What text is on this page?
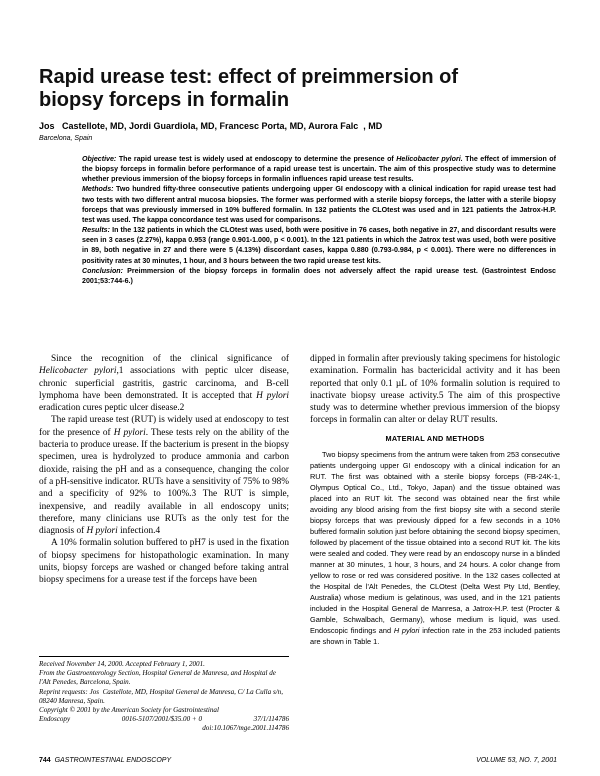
Rapid urease test: effect of preimmersion of biopsy forceps in formalin
Jos   Castellote, MD, Jordi Guardiola, MD, Francesc Porta, MD, Aurora Falc  , MD
Barcelona, Spain
Objective: The rapid urease test is widely used at endoscopy to determine the presence of Helicobacter pylori. The effect of immersion of the biopsy forceps in formalin before performance of a rapid urease test is uncertain. The aim of this prospective study was to determine whether previous immersion of the biopsy forceps in formalin influences rapid urease test results.
Methods: Two hundred fifty-three consecutive patients undergoing upper GI endoscopy with a clinical indication for rapid urease test had two tests with two different antral mucosa biopsies. The former was performed with a sterile biopsy forceps, the latter with a sterile biopsy forceps that was previously immersed in 10% buffered formalin. In 132 patients the CLOtest was used and in 121 patients the Jatrox-H.P. test was used. The kappa concordance test was used for comparisons.
Results: In the 132 patients in which the CLOtest was used, both were positive in 76 cases, both negative in 27, and discordant results were seen in 3 cases (2.27%), kappa 0.953 (range 0.901-1.000, p < 0.001). In the 121 patients in which the Jatrox test was used, both were positive in 89, both negative in 27 and there were 5 (4.13%) discordant cases, kappa 0.880 (0.793-0.984, p < 0.001). There were no differences in positivity rates at 30 minutes, 1 hour, and 3 hours between the two rapid urease test kits.
Conclusion: Preimmersion of the biopsy forceps in formalin does not adversely affect the rapid urease test. (Gastrointest Endosc 2001;53:744-6.)

Since the recognition of the clinical significance of Helicobacter pylori,1 associations with peptic ulcer disease, chronic superficial gastritis, gastric carcinoma, and B-cell lymphoma have been demonstrated. It is accepted that H pylori eradication cures peptic ulcer disease.2

The rapid urease test (RUT) is widely used at endoscopy to test for the presence of H pylori. These tests rely on the ability of the bacteria to produce urease. If the bacterium is present in the biopsy specimen, urea is hydrolyzed to produce ammonia and carbon dioxide, raising the pH and as a consequence, changing the color of a pH-sensitive indicator. RUTs have a sensitivity of 75% to 98% and a specificity of 92% to 100%.3 The RUT is simple, inexpensive, and readily available in all endoscopy units; therefore, many clinicians use RUTs as the only test for the diagnosis of H pylori infection.4

A 10% formalin solution buffered to pH7 is used in the fixation of biopsy specimens for histopathologic examination. In many units, biopsy forceps are washed or changed before taking antral biopsy specimens for a urease test if the forceps have been

dipped in formalin after previously taking specimens for histologic examination. Formalin has bactericidal activity and it has been reported that only 0.1 µL of 10% formalin solution is required to inactivate biopsy urease activity.5 The aim of this prospective study was to determine whether previous immersion of the biopsy forceps in formalin can alter or delay RUT results.

MATERIAL AND METHODS

Two biopsy specimens from the antrum were taken from 253 consecutive patients undergoing upper GI endoscopy with a clinical indication for an RUT. The first was obtained with a sterile biopsy forceps (FB-24K-1, Olympus Optical Co., Ltd., Tokyo, Japan) and the tissue obtained was placed into an RUT kit. The second was obtained near the first while avoiding any blood arising from the first biopsy site with a second sterile biopsy forceps that was previously dipped for a few seconds in a 10% buffered formalin solution just before obtaining the second biopsy specimen, followed by placement of the tissue obtained into a second RUT kit. The kits were sealed and coded. They were read by an endoscopy nurse in a blinded manner at 30 minutes, 1 hour, 3 hours, and 24 hours. A color change from yellow to rose or red was considered positive. In the 132 cases collected at the Hospital de l'Alt Penedes, the CLOtest (Delta West Pty Ltd, Bentley, Australia) whose medium is gelatinous, was used, and in the 121 patients included in the Hospital General de Manresa, a Jatrox-H.P. test (Procter & Gamble, Schwalbach, Germany), whose medium is liquid, was used. Endoscopic findings and H pylori infection rate in the 253 included patients are shown in Table 1.

Received November 14, 2000. Accepted February 1, 2001.
From the Gastroenterology Section, Hospital General de Manresa, and Hospital de l'Alt Penedes, Barcelona, Spain.
Reprint requests: Jos  Castellote, MD, Hospital General de Manresa, C/ La Culla s/n, 08240 Manresa, Spain.
Copyright © 2001 by the American Society for Gastrointestinal
Endoscopy	0016-5107/2001/$35.00 + 0	37/1/114786
doi:10.1067/mge.2001.114786
744 GASTROINTESTINAL ENDOSCOPY	VOLUME 53, NO. 7, 2001
